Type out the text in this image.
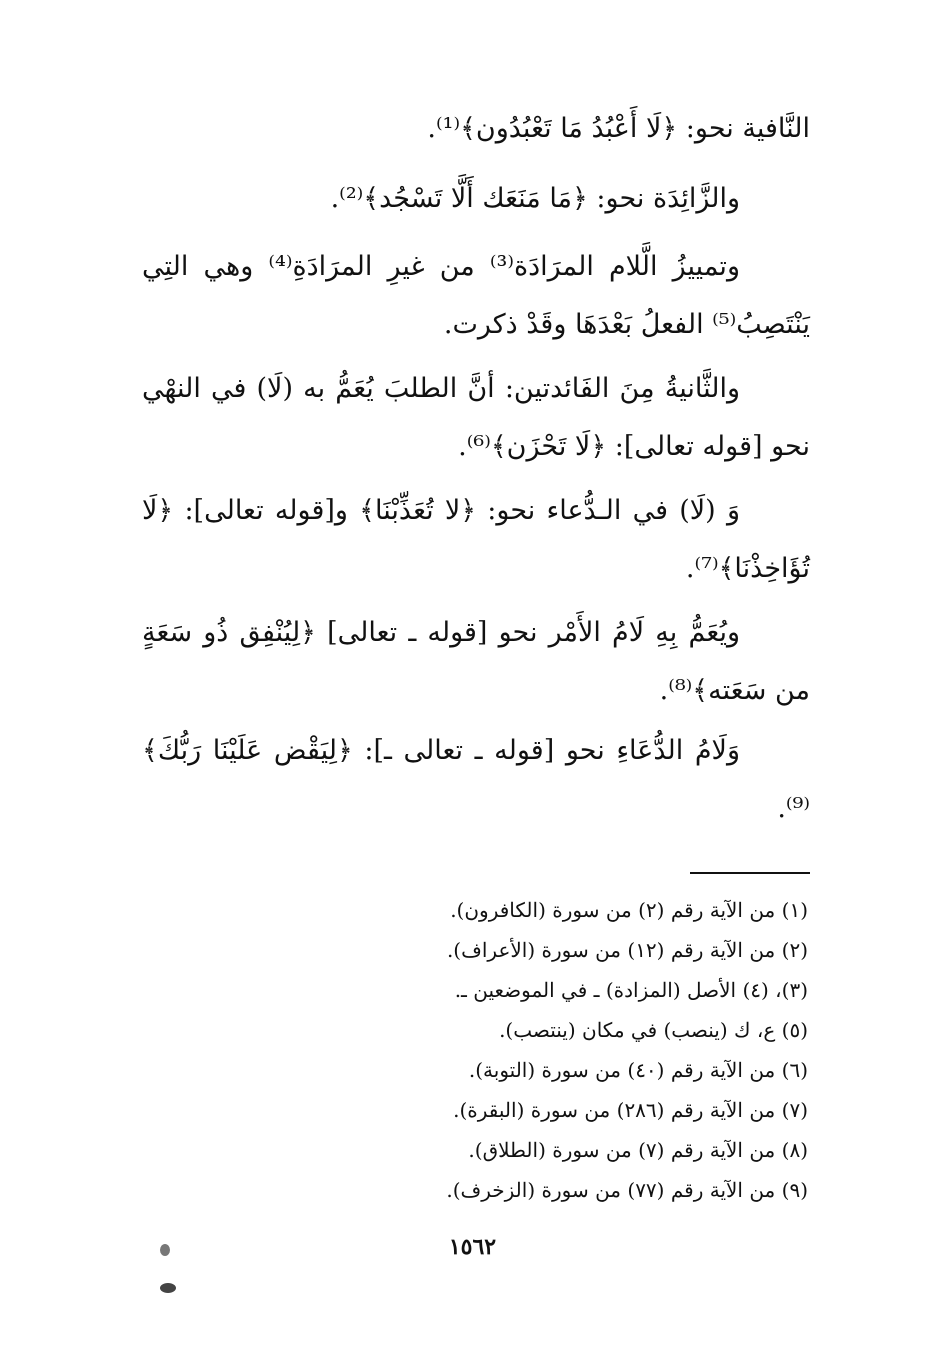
النَّافية نحو: ﴿لَا أَعْبُدُ مَا تَعْبُدُون﴾⁽¹⁾.

والزَّائِدَة نحو: ﴿مَا مَنَعَك أَلَّا تَسْجُد﴾⁽²⁾.

وتمييزُ الَّلام المرَادَة⁽³⁾ من غيرِ المرَادَةِ⁽⁴⁾ وهي التِي يَنْتَصِبُ⁽⁵⁾ الفعلُ بَعْدَهَا وقَدْ ذكرت.

والثَّانيةُ مِنَ الفَائدتين: أنَّ الطلبَ يُعَمُّ به (لَا) في النهْي نحو [قوله تعالى]: ﴿لَا تَحْزَن﴾⁽⁶⁾.

وَ (لَا) في الـدُّعاء نحو: ﴿لا تُعَذِّبْنَا﴾ و[قوله تعالى]: ﴿لَا تُؤَاخِذْنَا﴾⁽⁷⁾.

ويُعَمُّ بِهِ لَامُ الأَمْر نحو [قوله ـ تعالى] ﴿لِيُنْفِق ذُو سَعَةٍ من سَعَته﴾⁽⁸⁾.

وَلَامُ الدُّعَاءِ نحو [قوله ـ تعالى ـ]: ﴿لِيَقْض عَلَيْنَا رَبُّكَ﴾⁽⁹⁾.

(١) من الآية رقم (٢) من سورة (الكافرون).
(٢) من الآية رقم (١٢) من سورة (الأعراف).
(٣)، (٤) الأصل (المزادة) ـ في الموضعين ـ.
(٥) ع، ك (ينصب) في مكان (ينتصب).
(٦) من الآية رقم (٤٠) من سورة (التوبة).
(٧) من الآية رقم (٢٨٦) من سورة (البقرة).
(٨) من الآية رقم (٧) من سورة (الطلاق).
(٩) من الآية رقم (٧٧) من سورة (الزخرف).
١٥٦٢
